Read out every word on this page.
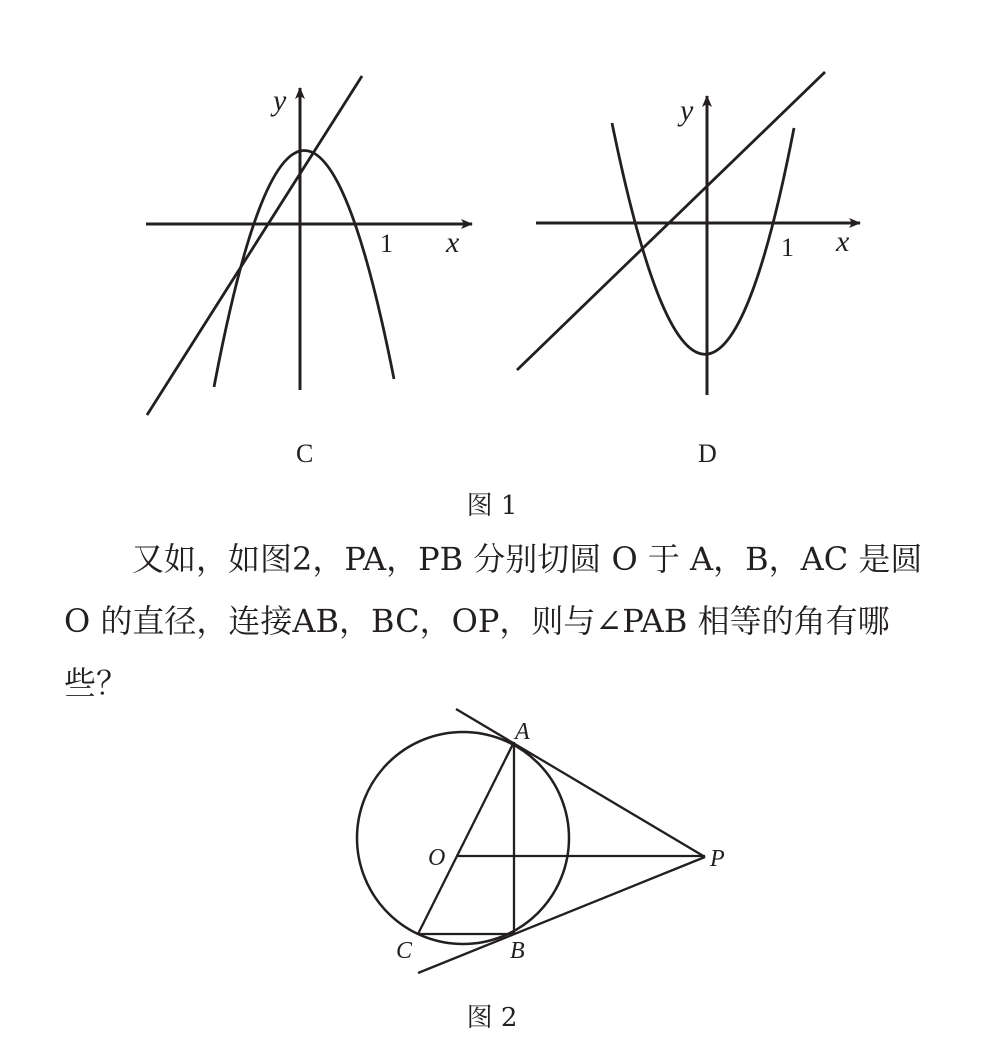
y
x
1
C
y
x
1
D
A
O	P
C	B
图 1

又如，如图2，PA，PB 分别切圆 O 于 A，B，AC 是圆
O 的直径，连接AB，BC，OP，则与∠PAB 相等的角有哪
些？

图 2
